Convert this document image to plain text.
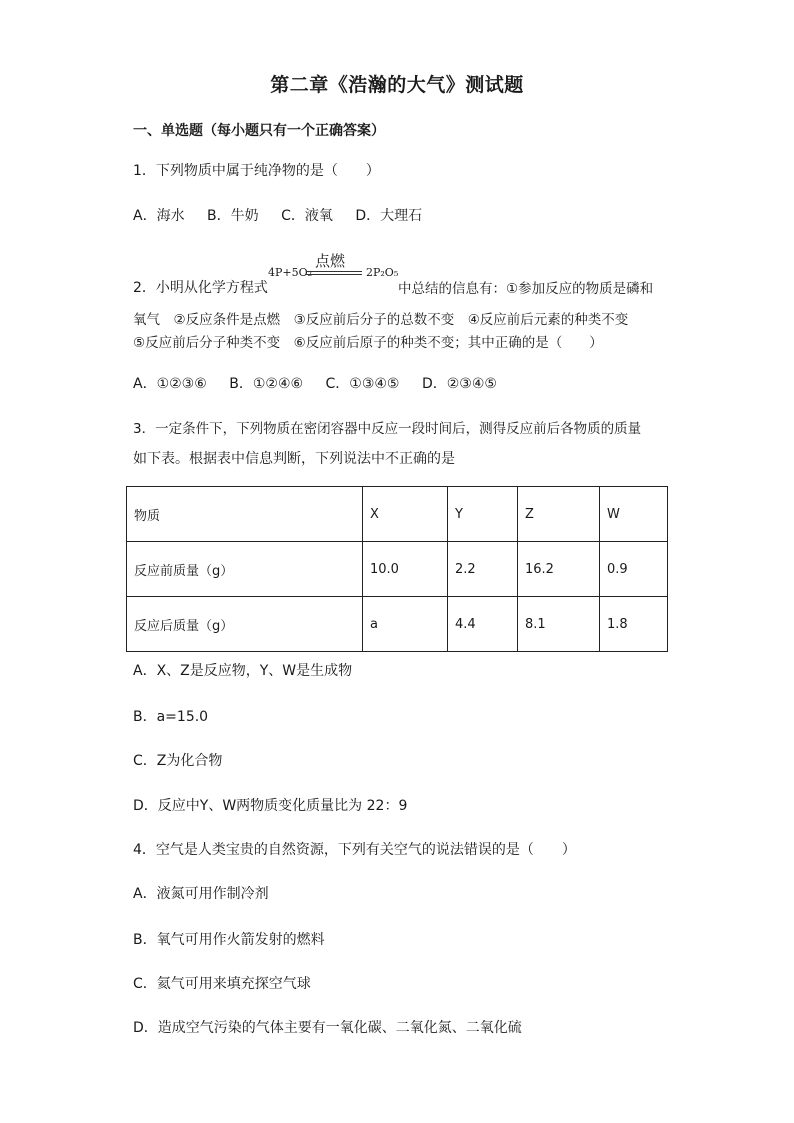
第二章《浩瀚的大气》测试题
一、单选题（每小题只有一个正确答案）
1．下列物质中属于纯净物的是（　　）
A．海水 B．牛奶 C．液氧 D．大理石
2．小明从化学方程式
4P+5O₂
点燃
2P₂O₅
中总结的信息有：①参加反应的物质是磷和
氧气　②反应条件是点燃　③反应前后分子的总数不变　④反应前后元素的种类不变
⑤反应前后分子种类不变　⑥反应前后原子的种类不变；其中正确的是（　　）
A．①②③⑥ B．①②④⑥ C．①③④⑤ D．②③④⑤
3．一定条件下，下列物质在密闭容器中反应一段时间后，测得反应前后各物质的质量
如下表。根据表中信息判断，下列说法中不正确的是
物质	X	Y	Z	W
反应前质量（g）	10.0	2.2	16.2	0.9
反应后质量（g）	a	4.4	8.1	1.8
A．X、Z是反应物，Y、W是生成物
B．a=15.0
C．Z为化合物
D．反应中Y、W两物质变化质量比为 22：9
4．空气是人类宝贵的自然资源，下列有关空气的说法错误的是（　　）
A．液氮可用作制冷剂
B．氧气可用作火箭发射的燃料
C．氦气可用来填充探空气球
D．造成空气污染的气体主要有一氧化碳、二氧化氮、二氧化硫
